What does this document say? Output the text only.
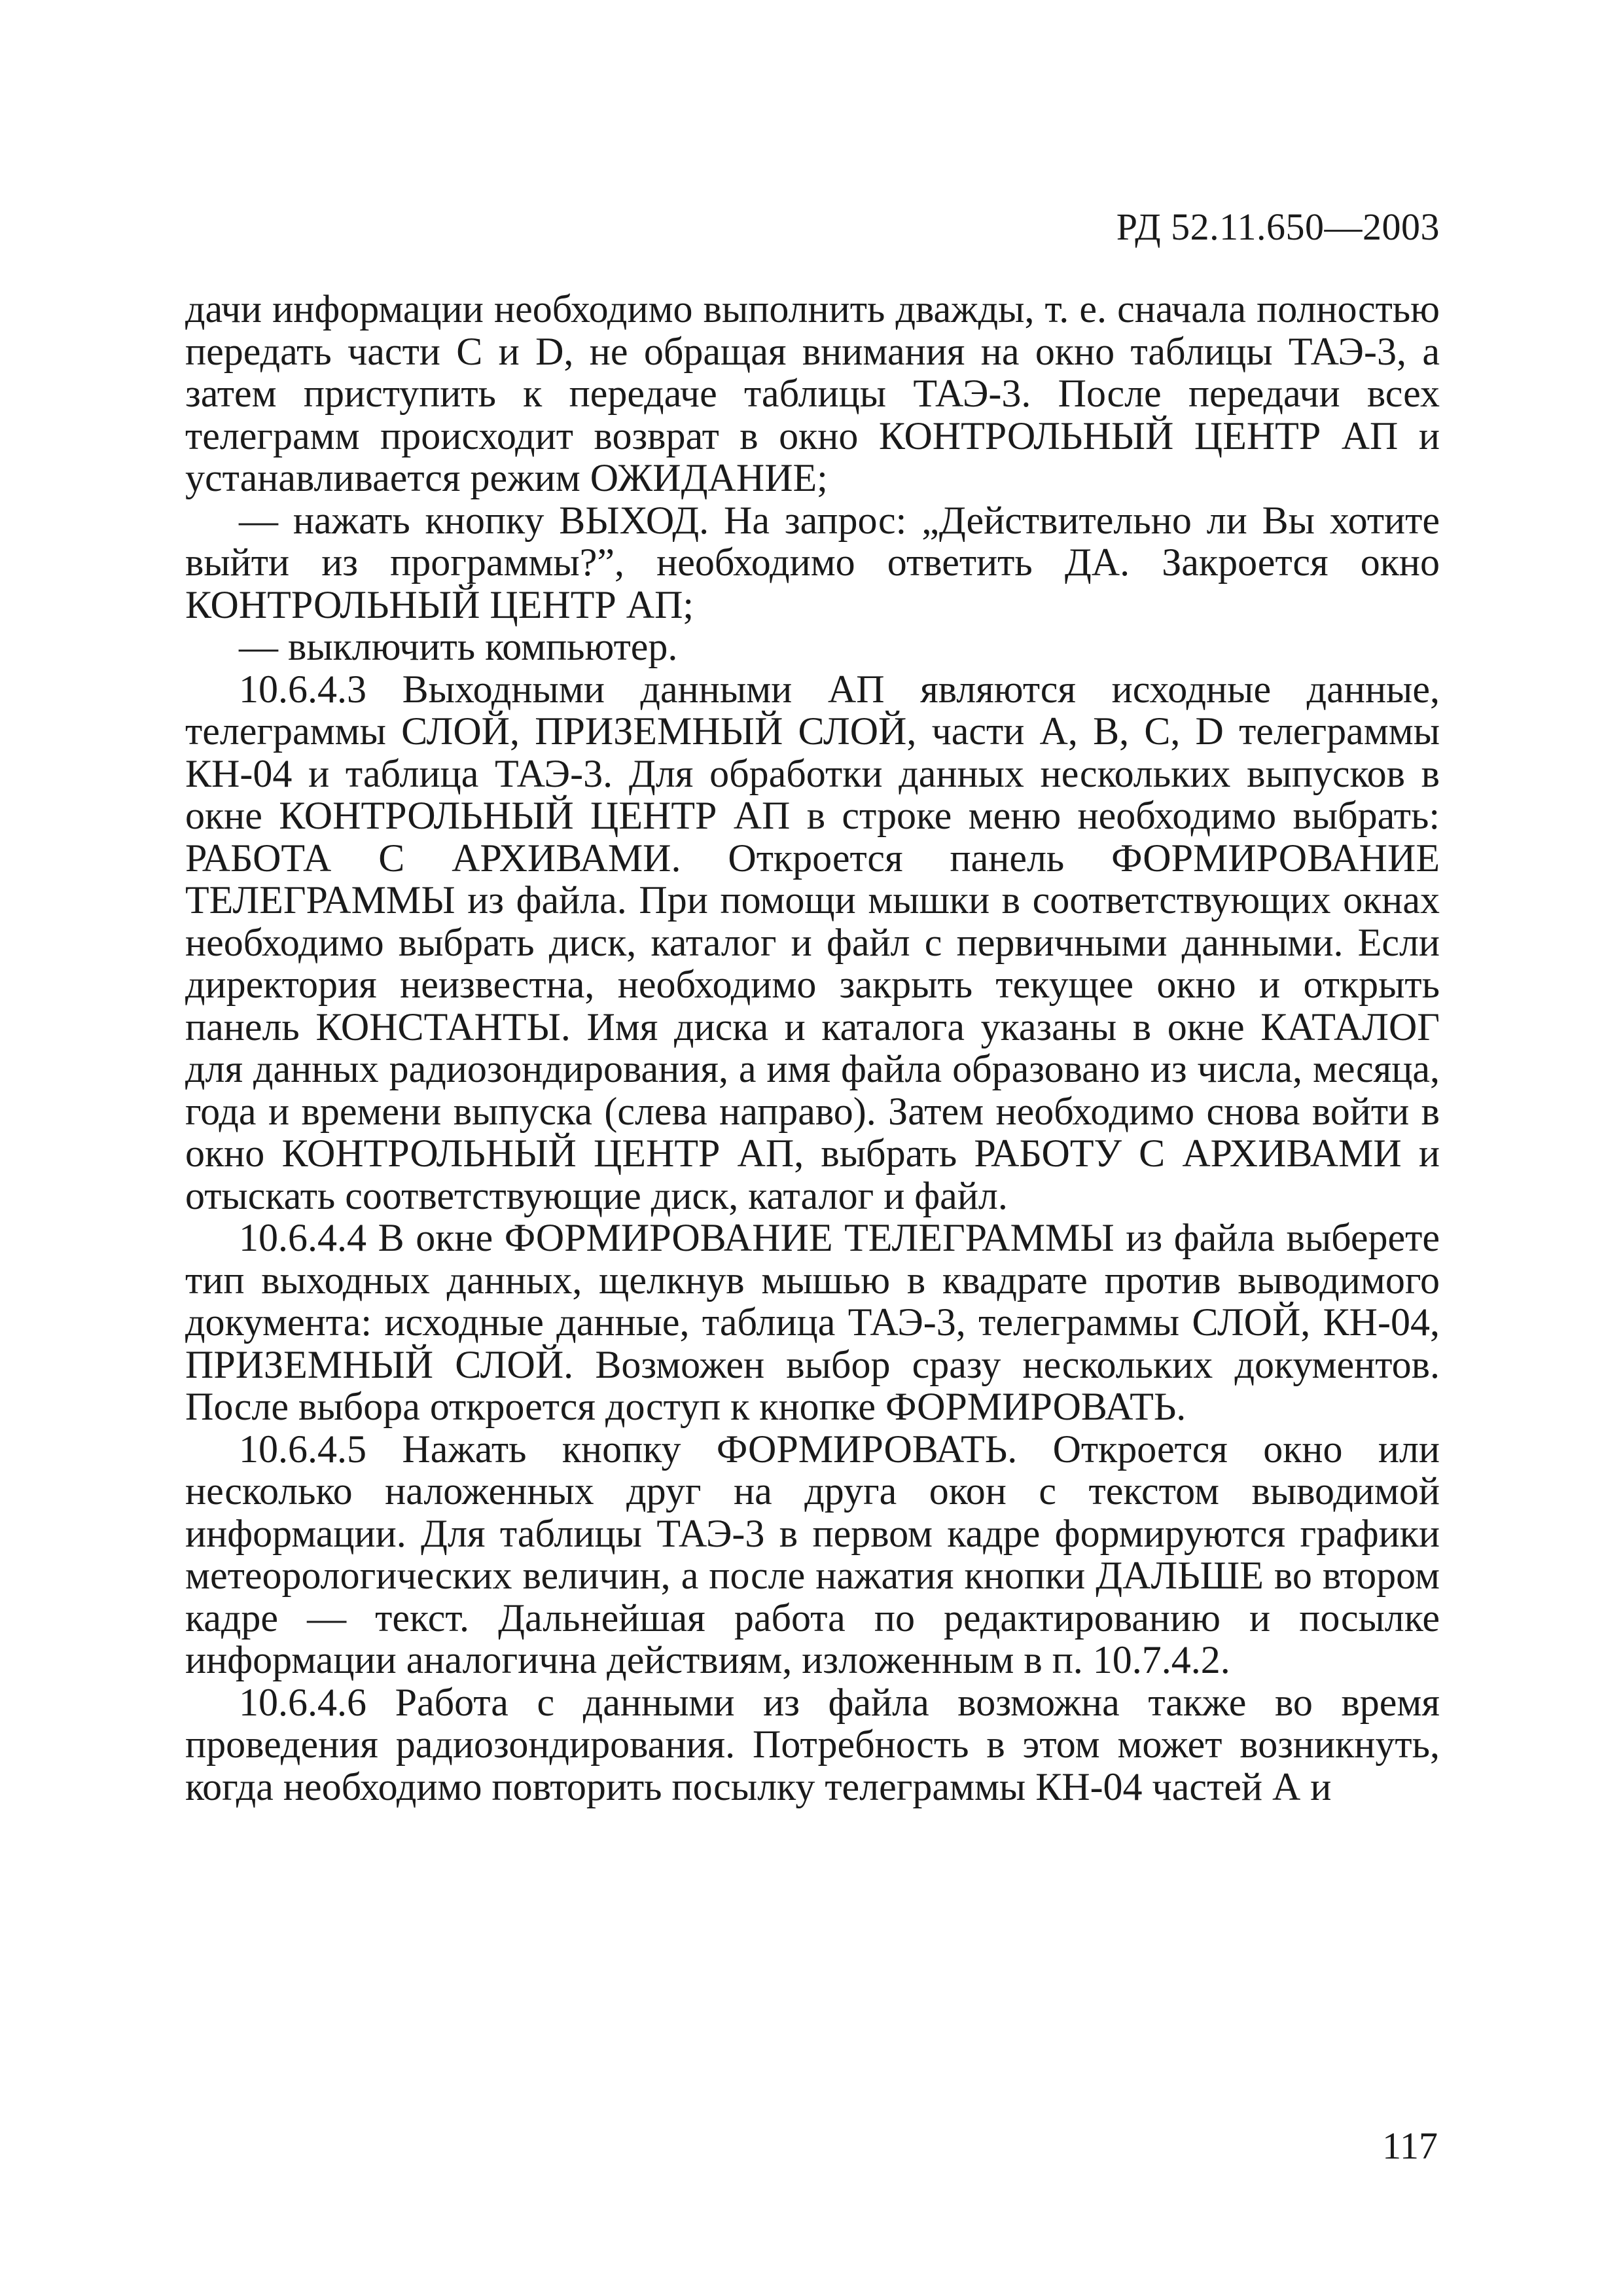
РД 52.11.650—2003

дачи информации необходимо выполнить дважды, т. е. сначала полностью передать части С и D, не обращая внимания на окно таблицы ТАЭ-3, а затем приступить к передаче таблицы ТАЭ-3. После передачи всех телеграмм происходит возврат в окно КОНТРОЛЬНЫЙ ЦЕНТР АП и устанавливается режим ОЖИДАНИЕ;

— нажать кнопку ВЫХОД. На запрос: „Действительно ли Вы хотите выйти из программы?”, необходимо ответить ДА. Закроется окно КОНТРОЛЬНЫЙ ЦЕНТР АП;

— выключить компьютер.

10.6.4.3 Выходными данными АП являются исходные данные, телеграммы СЛОЙ, ПРИЗЕМНЫЙ СЛОЙ, части А, В, С, D телеграммы КН-04 и таблица ТАЭ-3. Для обработки данных нескольких выпусков в окне КОНТРОЛЬНЫЙ ЦЕНТР АП в строке меню необходимо выбрать: РАБОТА С АРХИВАМИ. Откроется панель ФОРМИРОВАНИЕ ТЕЛЕГРАММЫ из файла. При помощи мышки в соответствующих окнах необходимо выбрать диск, каталог и файл с первичными данными. Если директория неизвестна, необходимо закрыть текущее окно и открыть панель КОНСТАНТЫ. Имя диска и каталога указаны в окне КАТАЛОГ для данных радиозондирования, а имя файла образовано из числа, месяца, года и времени выпуска (слева направо). Затем необходимо снова войти в окно КОНТРОЛЬНЫЙ ЦЕНТР АП, выбрать РАБОТУ С АРХИВАМИ и отыскать соответствующие диск, каталог и файл.

10.6.4.4 В окне ФОРМИРОВАНИЕ ТЕЛЕГРАММЫ из файла выберете тип выходных данных, щелкнув мышью в квадрате против выводимого документа: исходные данные, таблица ТАЭ-3, телеграммы СЛОЙ, КН-04, ПРИЗЕМНЫЙ СЛОЙ. Возможен выбор сразу нескольких документов. После выбора откроется доступ к кнопке ФОРМИРОВАТЬ.

10.6.4.5 Нажать кнопку ФОРМИРОВАТЬ. Откроется окно или несколько наложенных друг на друга окон с текстом выводимой информации. Для таблицы ТАЭ-3 в первом кадре формируются графики метеорологических величин, а после нажатия кнопки ДАЛЬШЕ во втором кадре — текст. Дальнейшая работа по редактированию и посылке информации аналогична действиям, изложенным в п. 10.7.4.2.

10.6.4.6 Работа с данными из файла возможна также во время проведения радиозондирования. Потребность в этом может возникнуть, когда необходимо повторить посылку телеграммы КН-04 частей А и

117
